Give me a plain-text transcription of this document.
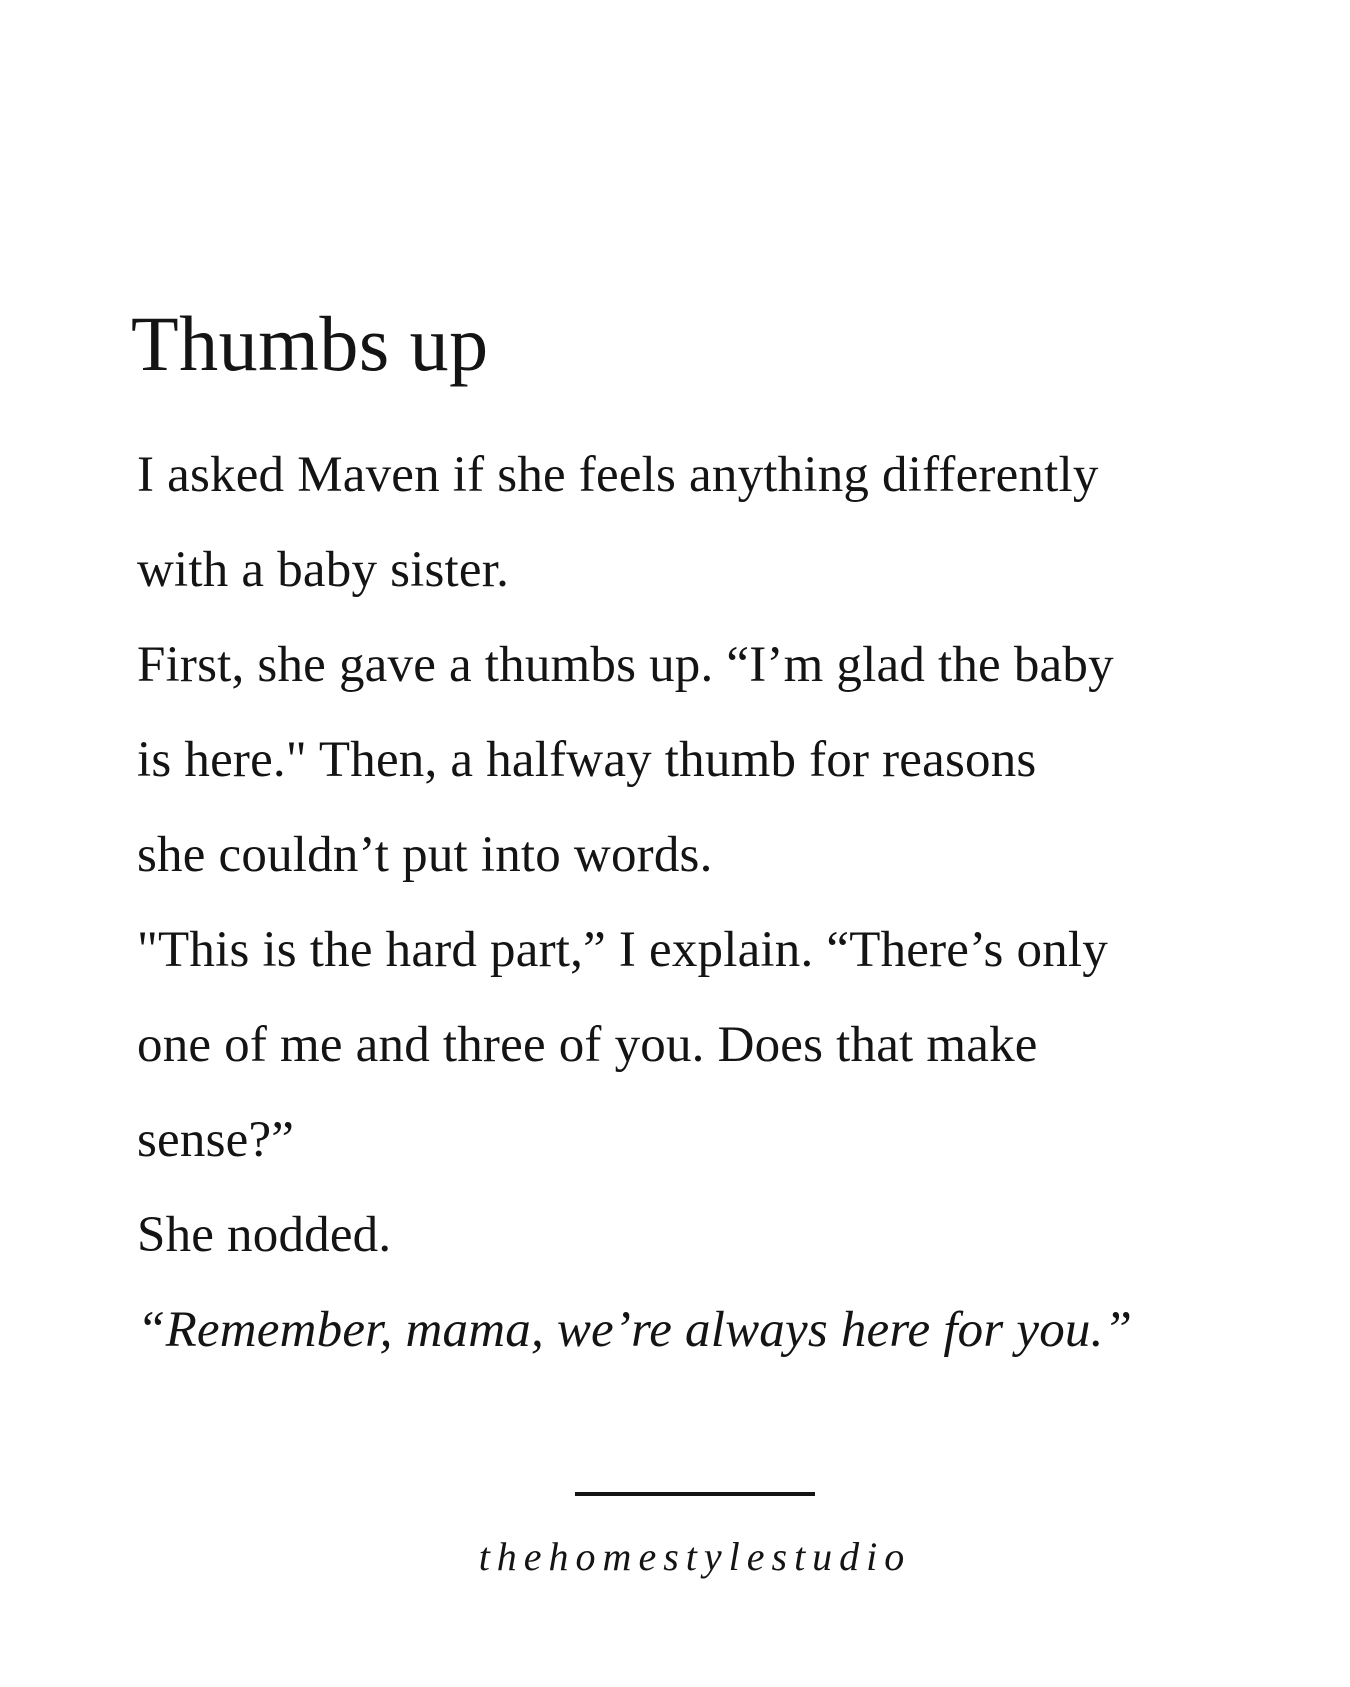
Thumbs up
I asked Maven if she feels anything differently
with a baby sister.
First, she gave a thumbs up. “I’m glad the baby
is here." Then, a halfway thumb for reasons
she couldn’t put into words.
"This is the hard part,” I explain. “There’s only
one of me and three of you. Does that make
sense?”
She nodded.
“Remember, mama, we’re always here for you.”
thehomestylestudio
